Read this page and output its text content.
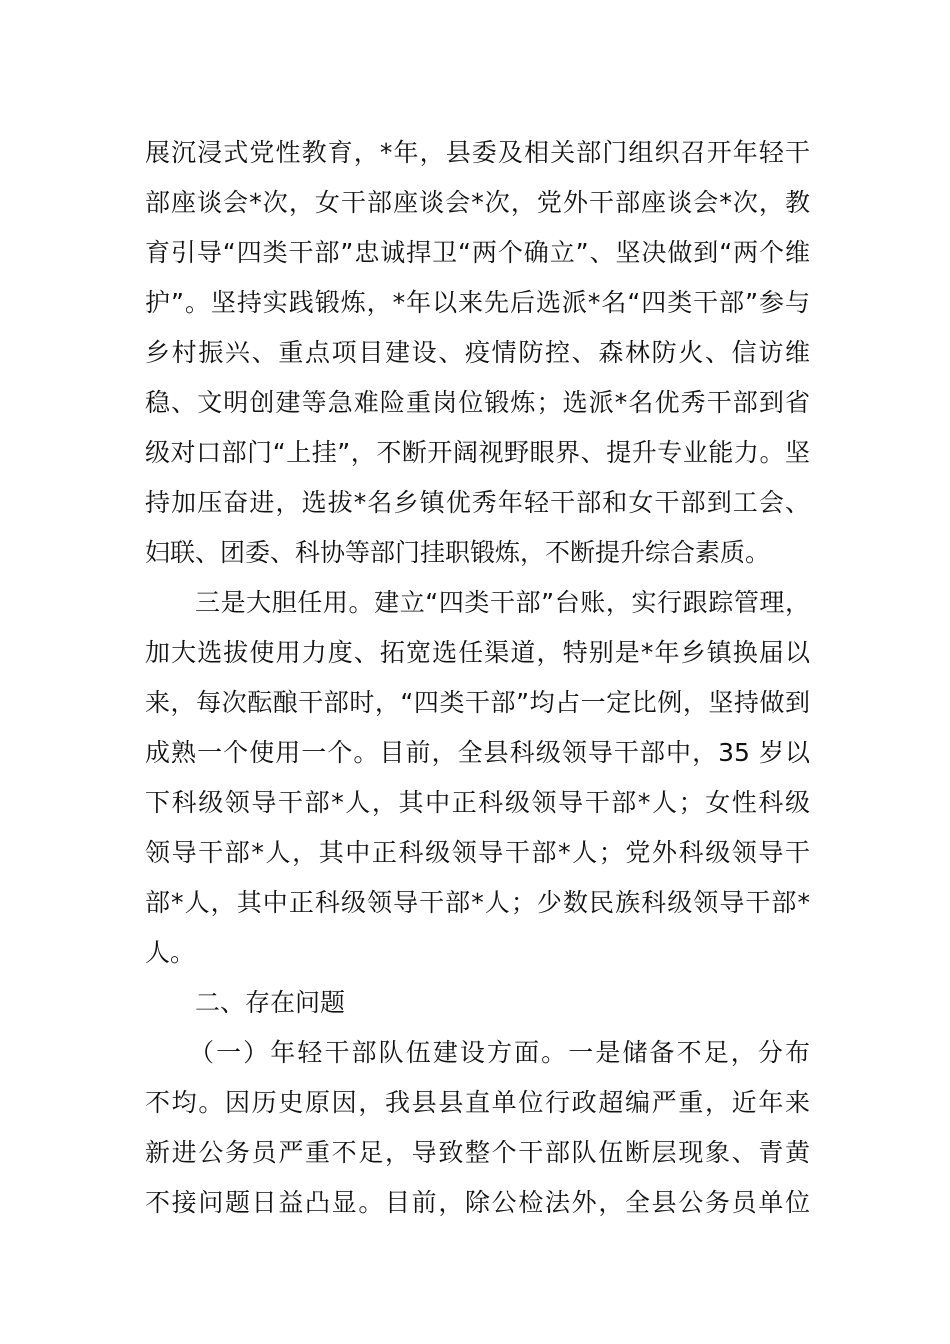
展沉浸式党性教育，*年，县委及相关部门组织召开年轻干
部座谈会*次，女干部座谈会*次，党外干部座谈会*次，教
育引导“四类干部”忠诚捍卫“两个确立”、坚决做到“两个维
护”。坚持实践锻炼，*年以来先后选派*名“四类干部”参与
乡村振兴、重点项目建设、疫情防控、森林防火、信访维
稳、文明创建等急难险重岗位锻炼；选派*名优秀干部到省
级对口部门“上挂”，不断开阔视野眼界、提升专业能力。坚
持加压奋进，选拔*名乡镇优秀年轻干部和女干部到工会、
妇联、团委、科协等部门挂职锻炼，不断提升综合素质。
三是大胆任用。建立“四类干部”台账，实行跟踪管理，
加大选拔使用力度、拓宽选任渠道，特别是*年乡镇换届以
来，每次酝酿干部时，“四类干部”均占一定比例，坚持做到
成熟一个使用一个。目前，全县科级领导干部中，35 岁以
下科级领导干部*人，其中正科级领导干部*人；女性科级
领导干部*人，其中正科级领导干部*人；党外科级领导干
部*人，其中正科级领导干部*人；少数民族科级领导干部*
人。
二、存在问题
（一）年轻干部队伍建设方面。一是储备不足，分布
不均。因历史原因，我县县直单位行政超编严重，近年来
新进公务员严重不足，导致整个干部队伍断层现象、青黄
不接问题日益凸显。目前，除公检法外，全县公务员单位
